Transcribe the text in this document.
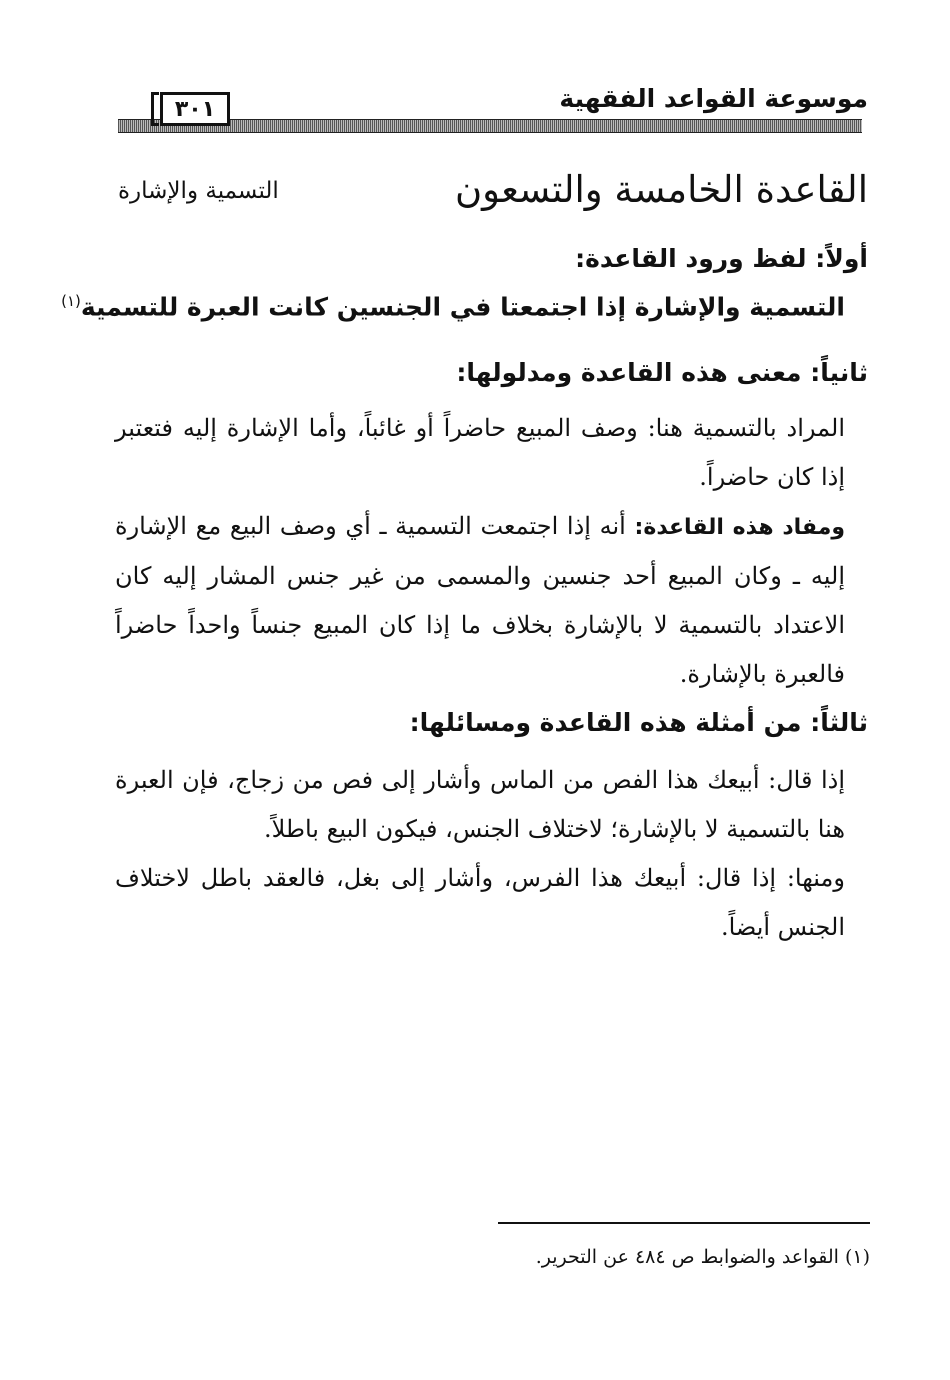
موسوعة القواعد الفقهية
٣٠١
القاعدة الخامسة والتسعون
التسمية والإشارة
أولاً: لفظ ورود القاعدة:
التسمية والإشارة إذا اجتمعتا في الجنسين كانت العبرة للتسمية$^{(١)}$
ثانياً: معنى هذه القاعدة ومدلولها:

المراد بالتسمية هنا: وصف المبيع حاضراً أو غائباً، وأما الإشارة إليه فتعتبر إذا كان حاضراً.

ومفاد هذه القاعدة: أنه إذا اجتمعت التسمية ـ أي وصف البيع مع الإشارة إليه ـ وكان المبيع أحد جنسين والمسمى من غير جنس المشار إليه كان الاعتداد بالتسمية لا بالإشارة بخلاف ما إذا كان المبيع جنساً واحداً حاضراً فالعبرة بالإشارة.

ثالثاً: من أمثلة هذه القاعدة ومسائلها:

إذا قال: أبيعك هذا الفص من الماس وأشار إلى فص من زجاج، فإن العبرة هنا بالتسمية لا بالإشارة؛ لاختلاف الجنس، فيكون البيع باطلاً.

ومنها: إذا قال: أبيعك هذا الفرس، وأشار إلى بغل، فالعقد باطل لاختلاف الجنس أيضاً.

(١) القواعد والضوابط ص ٤٨٤ عن التحرير.
